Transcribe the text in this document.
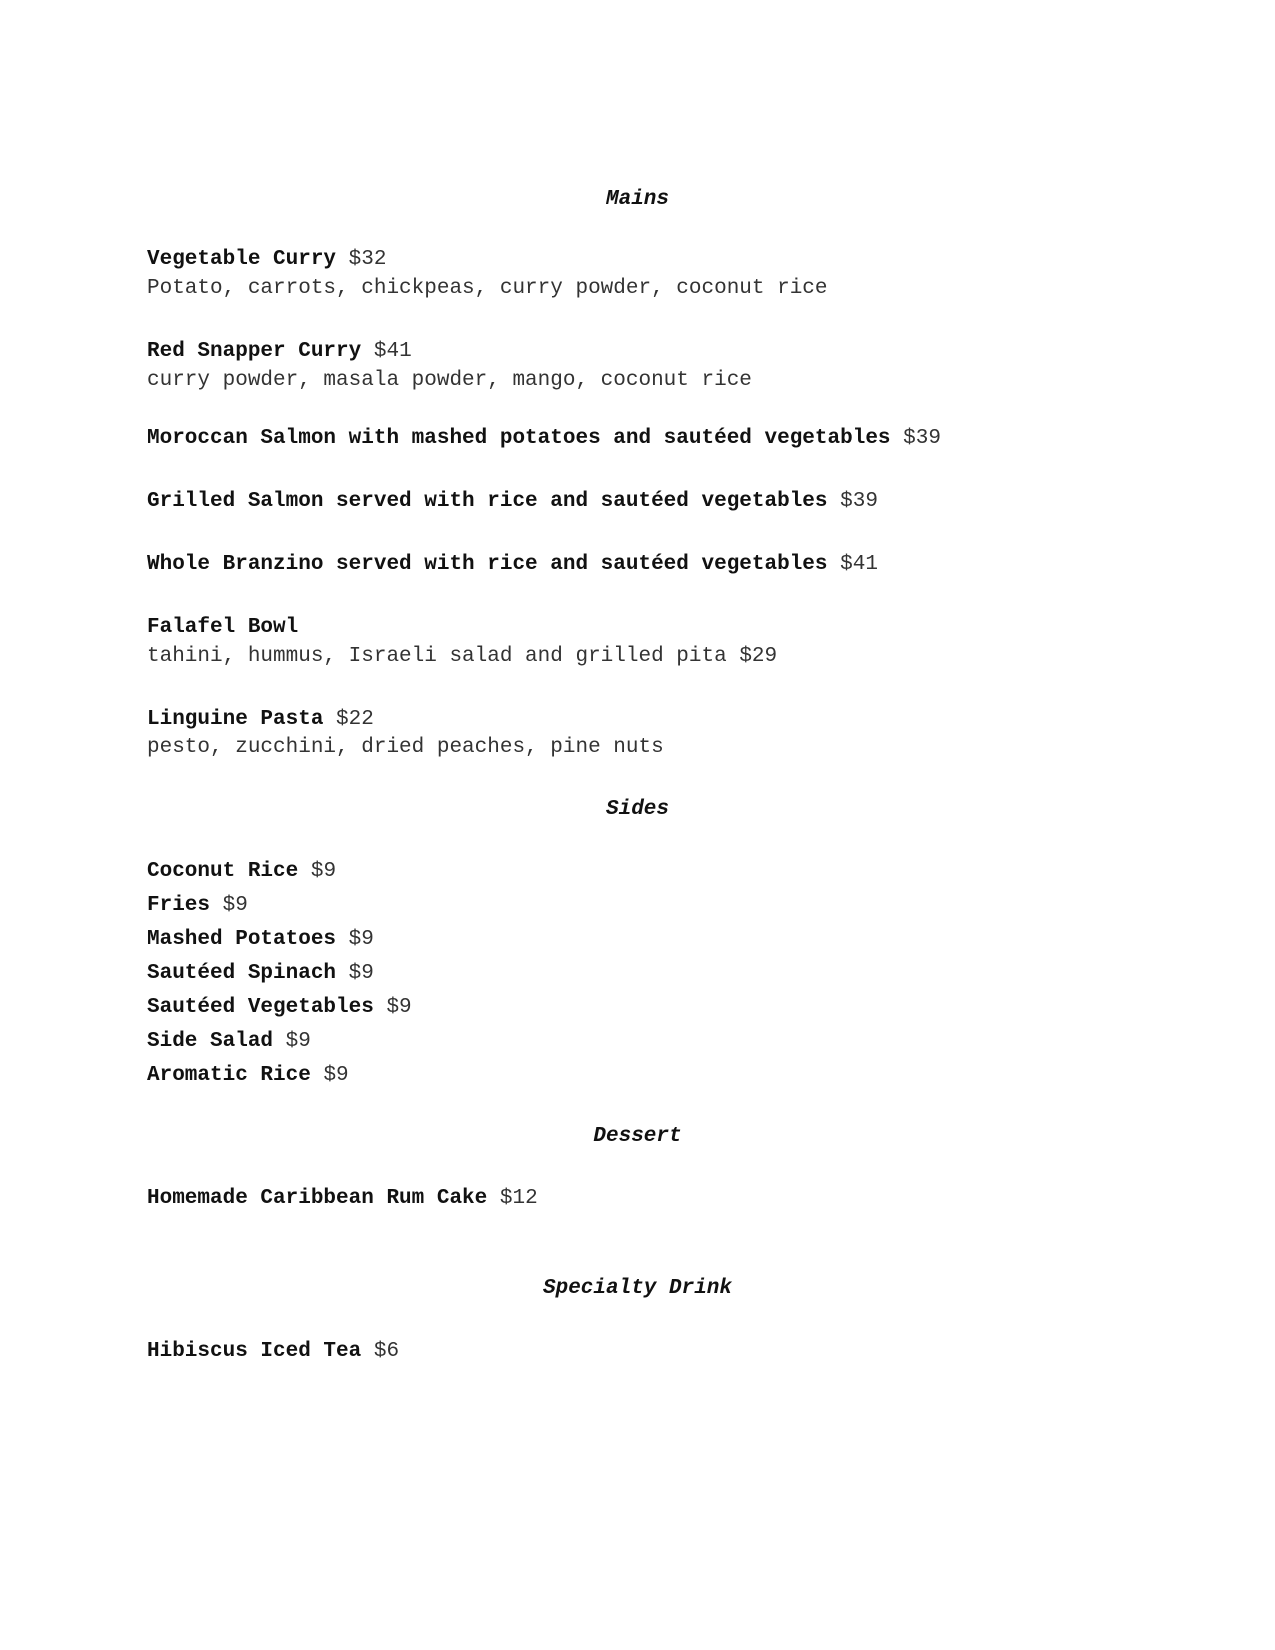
Mains
Vegetable Curry $32
Potato, carrots, chickpeas, curry powder, coconut rice
Red Snapper Curry $41
curry powder, masala powder, mango, coconut rice
Moroccan Salmon with mashed potatoes and sautéed vegetables $39
Grilled Salmon served with rice and sautéed vegetables $39
Whole Branzino served with rice and sautéed vegetables $41
Falafel Bowl
tahini, hummus, Israeli salad and grilled pita $29
Linguine Pasta $22
pesto, zucchini, dried peaches, pine nuts
Sides
Coconut Rice $9
Fries $9
Mashed Potatoes $9
Sautéed Spinach $9
Sautéed Vegetables $9
Side Salad $9
Aromatic Rice $9
Dessert
Homemade Caribbean Rum Cake $12
Specialty Drink
Hibiscus Iced Tea $6
